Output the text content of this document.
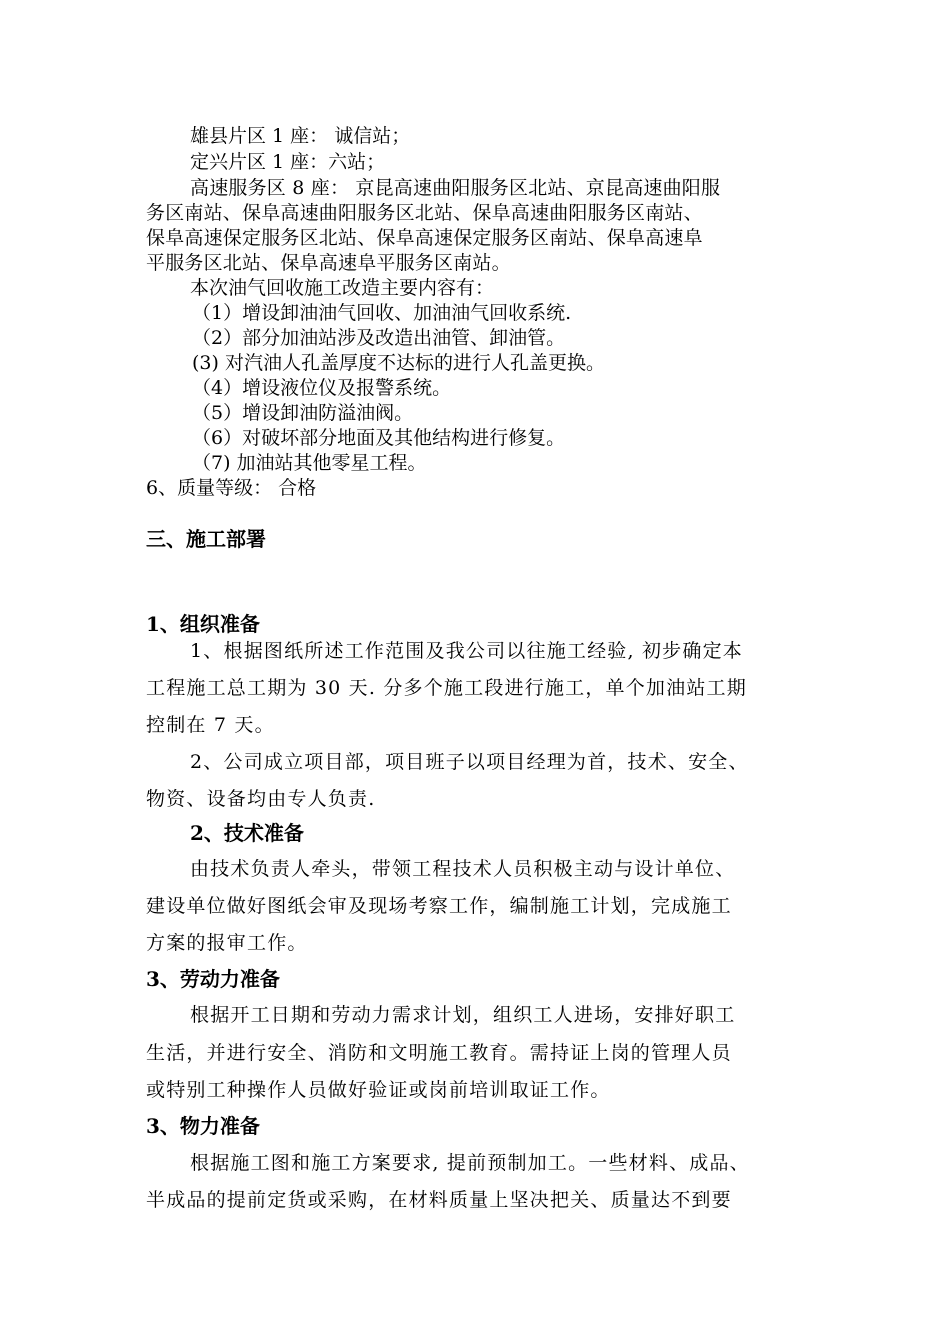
雄县片区 1 座： 诚信站；
定兴片区 1 座：六站；
高速服务区 8 座： 京昆高速曲阳服务区北站、京昆高速曲阳服
务区南站、保阜高速曲阳服务区北站、保阜高速曲阳服务区南站、
保阜高速保定服务区北站、保阜高速保定服务区南站、保阜高速阜
平服务区北站、保阜高速阜平服务区南站。
本次油气回收施工改造主要内容有：
（1）增设卸油油气回收、加油油气回收系统.
（2）部分加油站涉及改造出油管、卸油管。
(3) 对汽油人孔盖厚度不达标的进行人孔盖更换。
（4）增设液位仪及报警系统。
（5）增设卸油防溢油阀。
（6）对破坏部分地面及其他结构进行修复。
（7) 加油站其他零星工程。
6、质量等级： 合格
三、施工部署
1、组织准备
1、根据图纸所述工作范围及我公司以往施工经验, 初步确定本
工程施工总工期为 30 天. 分多个施工段进行施工，单个加油站工期
控制在 7 天。
2、公司成立项目部，项目班子以项目经理为首，技术、安全、
物资、设备均由专人负责.
2、技术准备
由技术负责人牵头，带领工程技术人员积极主动与设计单位、
建设单位做好图纸会审及现场考察工作，编制施工计划，完成施工
方案的报审工作。
3、劳动力准备
根据开工日期和劳动力需求计划，组织工人进场，安排好职工
生活，并进行安全、消防和文明施工教育。需持证上岗的管理人员
或特别工种操作人员做好验证或岗前培训取证工作。
3、物力准备
根据施工图和施工方案要求, 提前预制加工。一些材料、成品、
半成品的提前定货或采购，在材料质量上坚决把关、质量达不到要
